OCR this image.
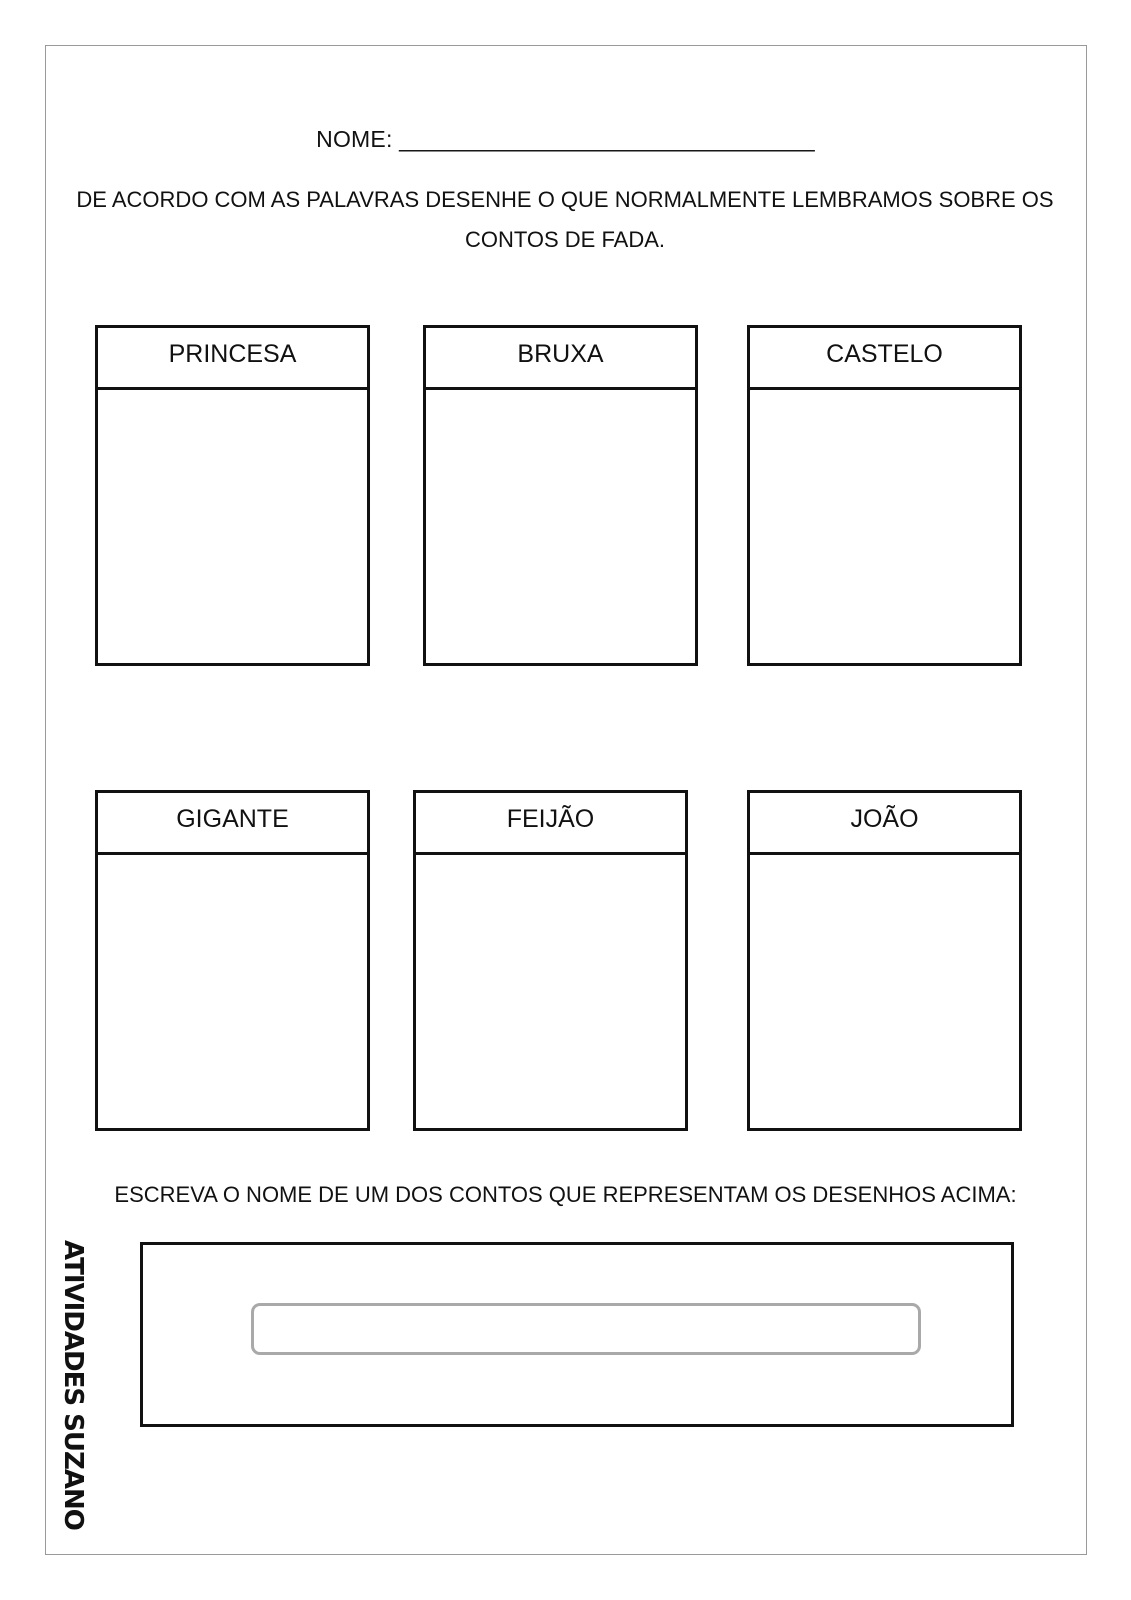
NOME: ________________________________
DE ACORDO COM AS PALAVRAS DESENHE O QUE NORMALMENTE LEMBRAMOS SOBRE OS CONTOS DE FADA.
PRINCESA	BRUXA	CASTELO
GIGANTE	FEIJÃO	JOÃO
ESCREVA O NOME DE UM DOS CONTOS QUE REPRESENTAM OS DESENHOS ACIMA:
ATIVIDADES SUZANO
